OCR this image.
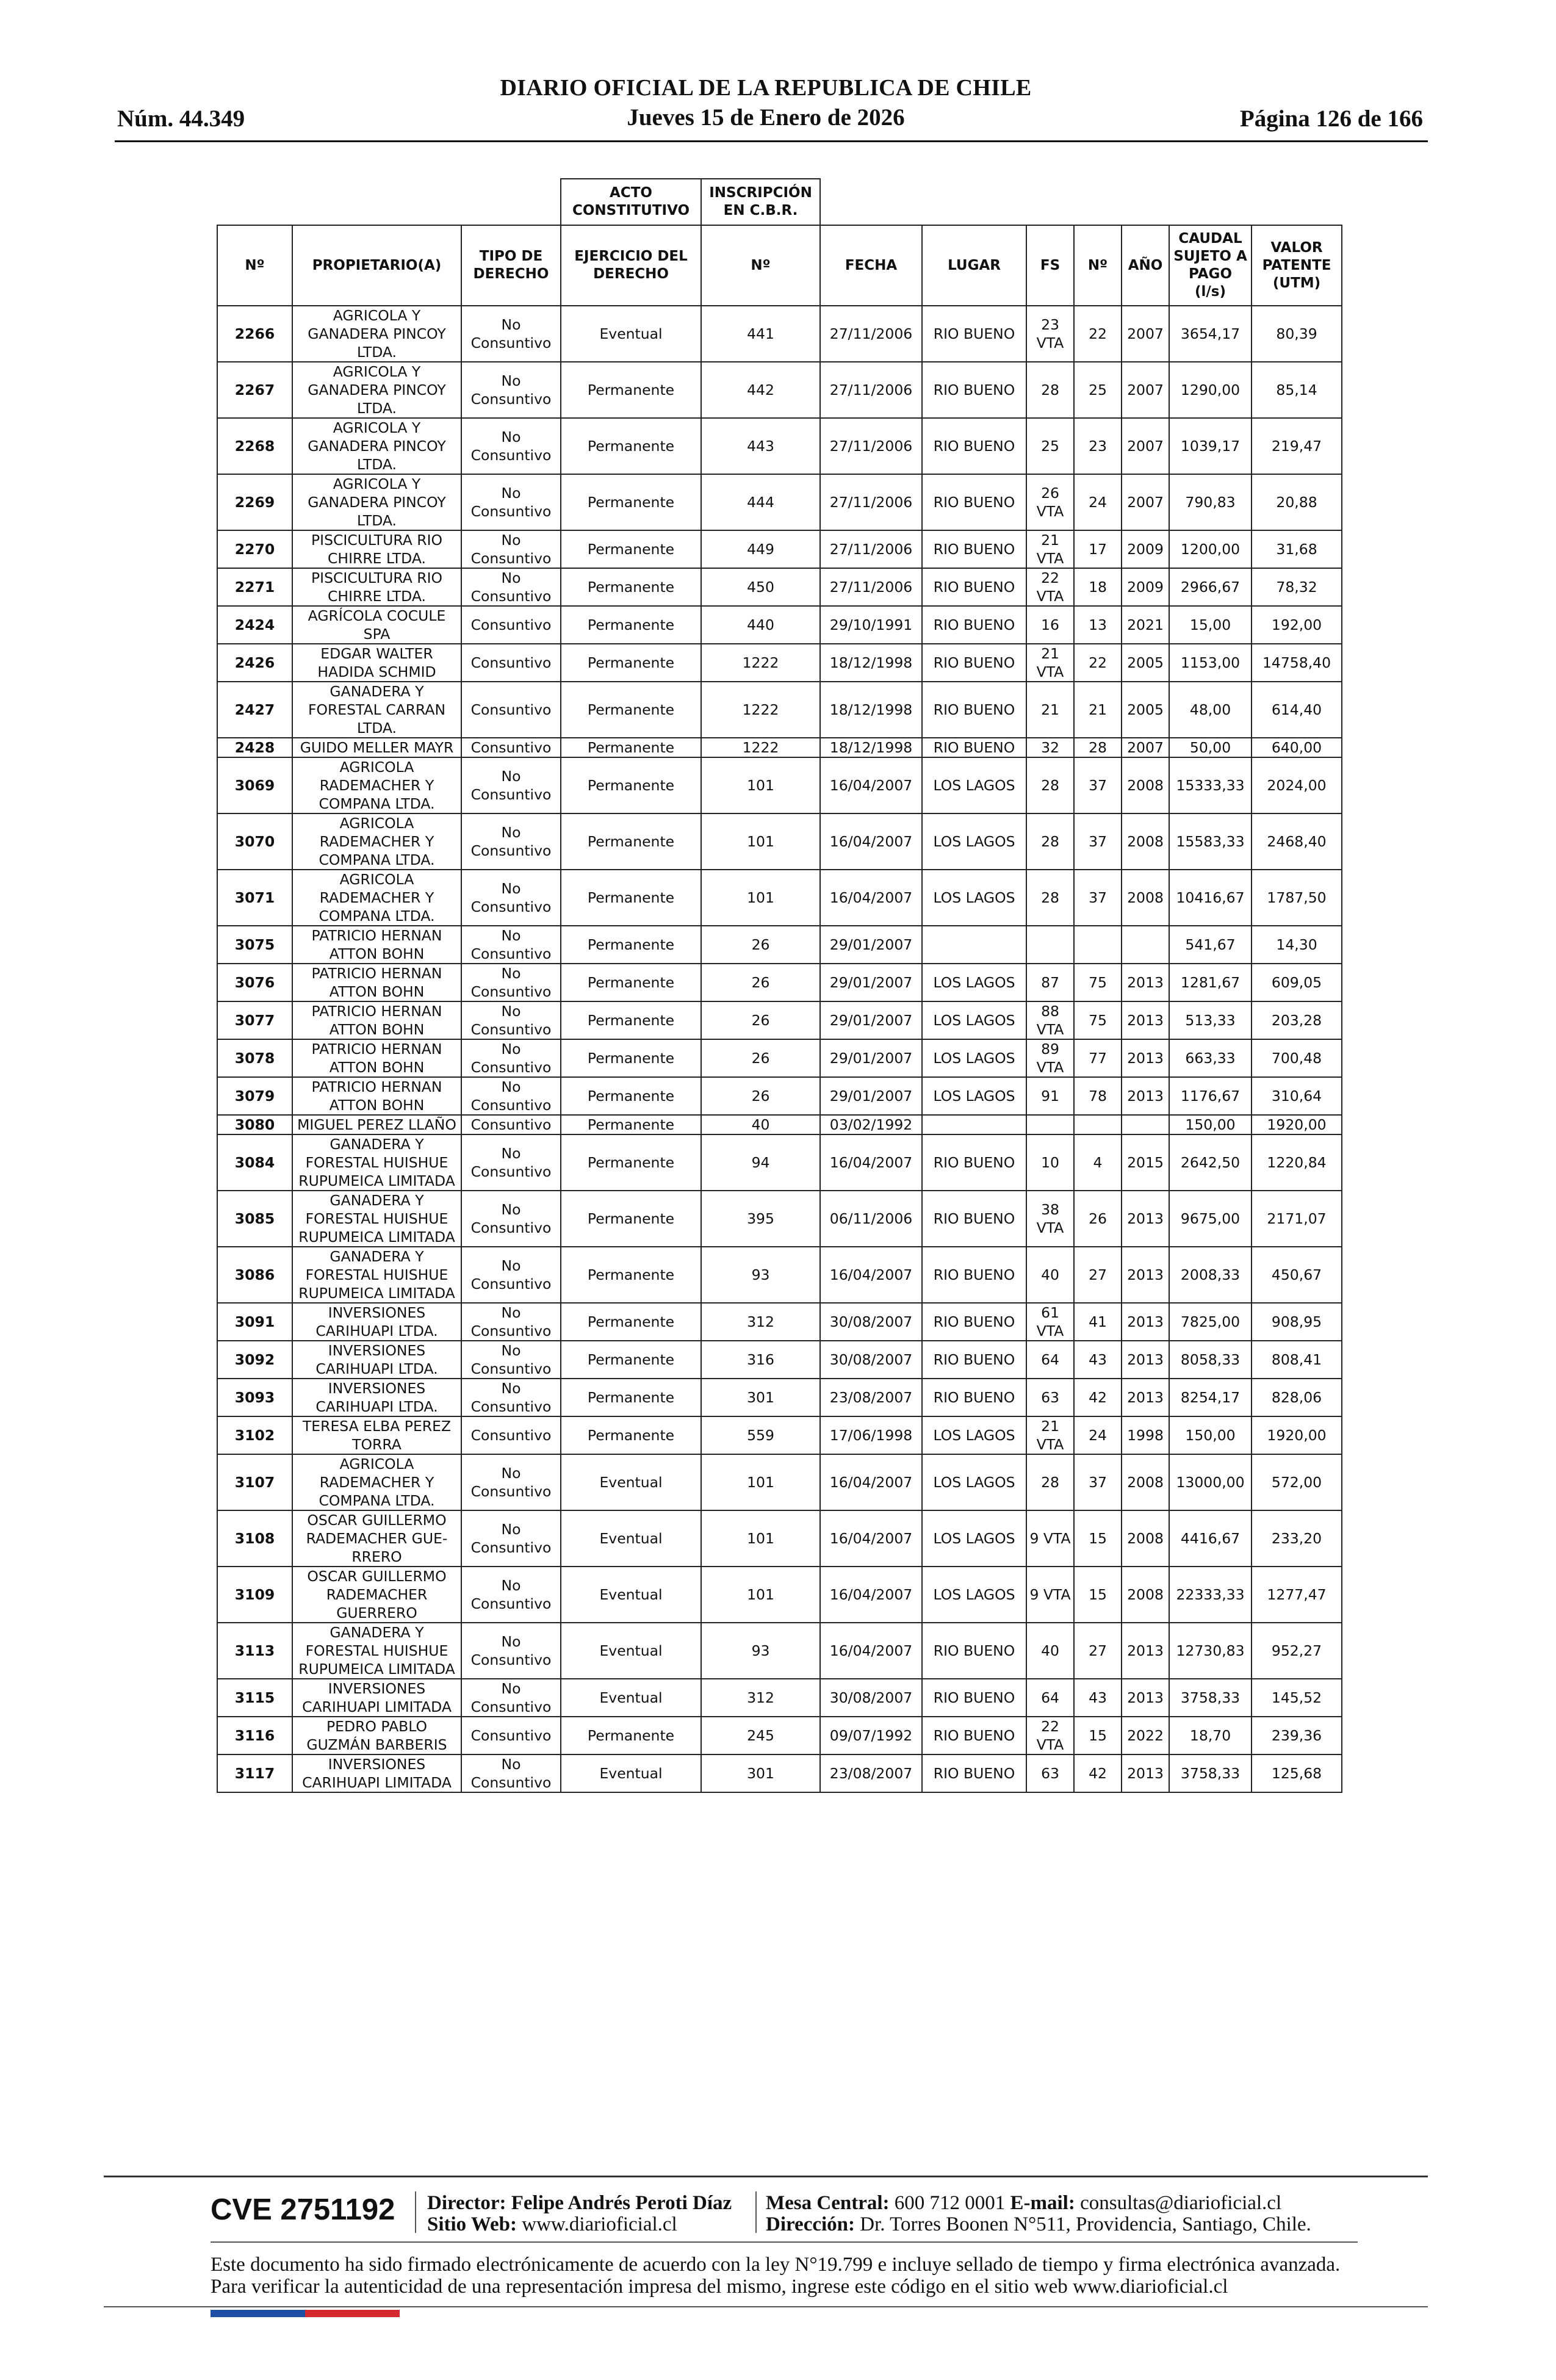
DIARIO OFICIAL DE LA REPUBLICA DE CHILE
Núm. 44.349	Jueves 15 de Enero de 2026	Página 126 de 166
			ACTO CONSTITUTIVO	INSCRIPCIÓN EN C.B.R.							
Nº	PROPIETARIO(A)	TIPO DE DERECHO	EJERCICIO DEL DERECHO	Nº	FECHA	LUGAR	FS	Nº	AÑO	CAUDAL SUJETO A PAGO (l/s)	VALOR PATENTE (UTM)
2266	AGRICOLA Y GANADERA PINCOY LTDA.	No Consuntivo	Eventual	441	27/11/2006	RIO BUENO	23 VTA	22	2007	3654,17	80,39
2267	AGRICOLA Y GANADERA PINCOY LTDA.	No Consuntivo	Permanente	442	27/11/2006	RIO BUENO	28	25	2007	1290,00	85,14
2268	AGRICOLA Y GANADERA PINCOY LTDA.	No Consuntivo	Permanente	443	27/11/2006	RIO BUENO	25	23	2007	1039,17	219,47
2269	AGRICOLA Y GANADERA PINCOY LTDA.	No Consuntivo	Permanente	444	27/11/2006	RIO BUENO	26 VTA	24	2007	790,83	20,88
2270	PISCICULTURA RIO CHIRRE LTDA.	No Consuntivo	Permanente	449	27/11/2006	RIO BUENO	21 VTA	17	2009	1200,00	31,68
2271	PISCICULTURA RIO CHIRRE LTDA.	No Consuntivo	Permanente	450	27/11/2006	RIO BUENO	22 VTA	18	2009	2966,67	78,32
2424	AGRÍCOLA COCULE SPA	Consuntivo	Permanente	440	29/10/1991	RIO BUENO	16	13	2021	15,00	192,00
2426	EDGAR WALTER HADIDA SCHMID	Consuntivo	Permanente	1222	18/12/1998	RIO BUENO	21 VTA	22	2005	1153,00	14758,40
2427	GANADERA Y FORESTAL CARRAN LTDA.	Consuntivo	Permanente	1222	18/12/1998	RIO BUENO	21	21	2005	48,00	614,40
2428	GUIDO MELLER MAYR	Consuntivo	Permanente	1222	18/12/1998	RIO BUENO	32	28	2007	50,00	640,00
3069	AGRICOLA RADEMACHER Y COMPANA LTDA.	No Consuntivo	Permanente	101	16/04/2007	LOS LAGOS	28	37	2008	15333,33	2024,00
3070	AGRICOLA RADEMACHER Y COMPANA LTDA.	No Consuntivo	Permanente	101	16/04/2007	LOS LAGOS	28	37	2008	15583,33	2468,40
3071	AGRICOLA RADEMACHER Y COMPANA LTDA.	No Consuntivo	Permanente	101	16/04/2007	LOS LAGOS	28	37	2008	10416,67	1787,50
3075	PATRICIO HERNAN ATTON BOHN	No Consuntivo	Permanente	26	29/01/2007					541,67	14,30
3076	PATRICIO HERNAN ATTON BOHN	No Consuntivo	Permanente	26	29/01/2007	LOS LAGOS	87	75	2013	1281,67	609,05
3077	PATRICIO HERNAN ATTON BOHN	No Consuntivo	Permanente	26	29/01/2007	LOS LAGOS	88 VTA	75	2013	513,33	203,28
3078	PATRICIO HERNAN ATTON BOHN	No Consuntivo	Permanente	26	29/01/2007	LOS LAGOS	89 VTA	77	2013	663,33	700,48
3079	PATRICIO HERNAN ATTON BOHN	No Consuntivo	Permanente	26	29/01/2007	LOS LAGOS	91	78	2013	1176,67	310,64
3080	MIGUEL PEREZ LLAÑO	Consuntivo	Permanente	40	03/02/1992					150,00	1920,00
3084	GANADERA Y FORESTAL HUISHUE RUPUMEICA LIMITADA	No Consuntivo	Permanente	94	16/04/2007	RIO BUENO	10	4	2015	2642,50	1220,84
3085	GANADERA Y FORESTAL HUISHUE RUPUMEICA LIMITADA	No Consuntivo	Permanente	395	06/11/2006	RIO BUENO	38 VTA	26	2013	9675,00	2171,07
3086	GANADERA Y FORESTAL HUISHUE RUPUMEICA LIMITADA	No Consuntivo	Permanente	93	16/04/2007	RIO BUENO	40	27	2013	2008,33	450,67
3091	INVERSIONES CARIHUAPI LTDA.	No Consuntivo	Permanente	312	30/08/2007	RIO BUENO	61 VTA	41	2013	7825,00	908,95
3092	INVERSIONES CARIHUAPI LTDA.	No Consuntivo	Permanente	316	30/08/2007	RIO BUENO	64	43	2013	8058,33	808,41
3093	INVERSIONES CARIHUAPI LTDA.	No Consuntivo	Permanente	301	23/08/2007	RIO BUENO	63	42	2013	8254,17	828,06
3102	TERESA ELBA PEREZ TORRA	Consuntivo	Permanente	559	17/06/1998	LOS LAGOS	21 VTA	24	1998	150,00	1920,00
3107	AGRICOLA RADEMACHER Y COMPANA LTDA.	No Consuntivo	Eventual	101	16/04/2007	LOS LAGOS	28	37	2008	13000,00	572,00
3108	OSCAR GUILLERMO RADEMACHER GUE-RRERO	No Consuntivo	Eventual	101	16/04/2007	LOS LAGOS	9 VTA	15	2008	4416,67	233,20
3109	OSCAR GUILLERMO RADEMACHER GUERRERO	No Consuntivo	Eventual	101	16/04/2007	LOS LAGOS	9 VTA	15	2008	22333,33	1277,47
3113	GANADERA Y FORESTAL HUISHUE RUPUMEICA LIMITADA	No Consuntivo	Eventual	93	16/04/2007	RIO BUENO	40	27	2013	12730,83	952,27
3115	INVERSIONES CARIHUAPI LIMITADA	No Consuntivo	Eventual	312	30/08/2007	RIO BUENO	64	43	2013	3758,33	145,52
3116	PEDRO PABLO GUZMÁN BARBERIS	Consuntivo	Permanente	245	09/07/1992	RIO BUENO	22 VTA	15	2022	18,70	239,36
3117	INVERSIONES CARIHUAPI LIMITADA	No Consuntivo	Eventual	301	23/08/2007	RIO BUENO	63	42	2013	3758,33	125,68
CVE 2751192 Director: Felipe Andrés Peroti Díaz
Sitio Web: www.diarioficial.cl
Mesa Central: 600 712 0001 E-mail: consultas@diarioficial.cl
Dirección: Dr. Torres Boonen N°511, Providencia, Santiago, Chile.
Este documento ha sido firmado electrónicamente de acuerdo con la ley N°19.799 e incluye sellado de tiempo y firma electrónica avanzada. Para verificar la autenticidad de una representación impresa del mismo, ingrese este código en el sitio web www.diarioficial.cl
